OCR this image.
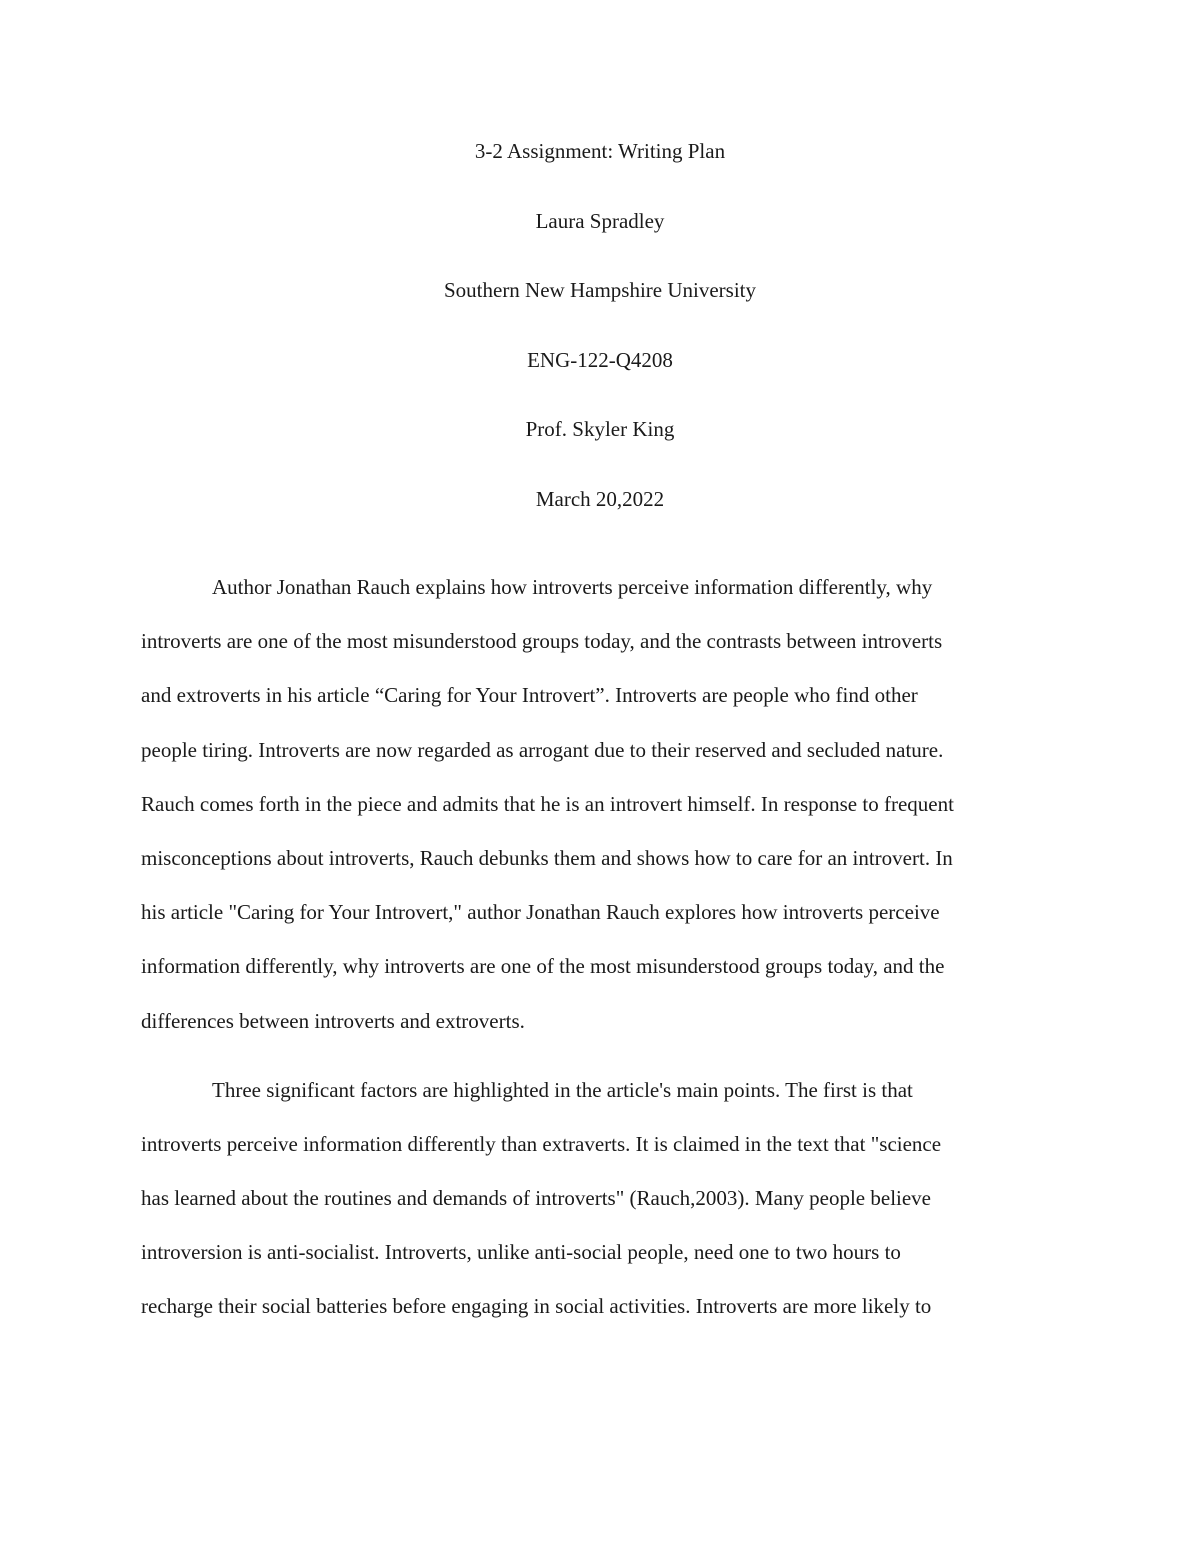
3-2 Assignment: Writing Plan
Laura Spradley
Southern New Hampshire University
ENG-122-Q4208
Prof. Skyler King
March 20,2022
Author Jonathan Rauch explains how introverts perceive information differently, why
introverts are one of the most misunderstood groups today, and the contrasts between introverts
and extroverts in his article “Caring for Your Introvert”. Introverts are people who find other
people tiring. Introverts are now regarded as arrogant due to their reserved and secluded nature.
Rauch comes forth in the piece and admits that he is an introvert himself. In response to frequent
misconceptions about introverts, Rauch debunks them and shows how to care for an introvert. In
his article "Caring for Your Introvert," author Jonathan Rauch explores how introverts perceive
information differently, why introverts are one of the most misunderstood groups today, and the
differences between introverts and extroverts.
Three significant factors are highlighted in the article's main points. The first is that
introverts perceive information differently than extraverts. It is claimed in the text that "science
has learned about the routines and demands of introverts" (Rauch,2003). Many people believe
introversion is anti-socialist. Introverts, unlike anti-social people, need one to two hours to
recharge their social batteries before engaging in social activities. Introverts are more likely to
